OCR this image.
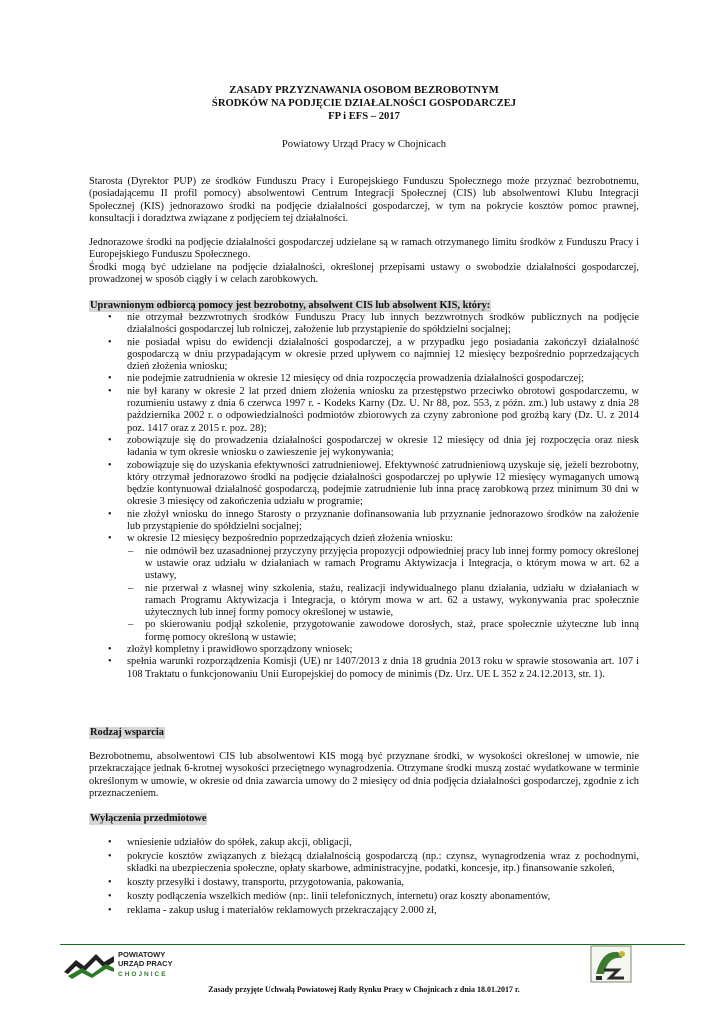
ZASADY PRZYZNAWANIA OSOBOM BEZROBOTNYM
ŚRODKÓW NA PODJĘCIE DZIAŁALNOŚCI GOSPODARCZEJ
FP i EFS – 2017
Powiatowy Urząd Pracy w Chojnicach
Starosta (Dyrektor PUP) ze środków Funduszu Pracy i Europejskiego Funduszu Społecznego może przyznać bezrobotnemu, (posiadającemu II profil pomocy) absolwentowi Centrum Integracji Społecznej (CIS) lub absolwentowi Klubu Integracji Społecznej (KIS) jednorazowo środki na podjęcie działalności gospodarczej, w tym na pokrycie kosztów pomoc prawnej, konsultacji i doradztwa związane z podjęciem tej działalności.
Jednorazowe środki na podjęcie działalności gospodarczej udzielane są w ramach otrzymanego limitu środków z Funduszu Pracy i Europejskiego Funduszu Społecznego.
Środki mogą być udzielane na podjęcie działalności, określonej przepisami ustawy o swobodzie działalności gospodarczej, prowadzonej w sposób ciągły i w celach zarobkowych.
Uprawnionym odbiorcą pomocy jest bezrobotny, absolwent CIS lub absolwent KIS, który:
• nie otrzymał bezzwrotnych środków Funduszu Pracy lub innych bezzwrotnych środków publicznych na podjęcie działalności gospodarczej lub rolniczej, założenie lub przystąpienie do spółdzielni socjalnej;
• nie posiadał wpisu do ewidencji działalności gospodarczej, a w przypadku jego posiadania zakończył działalność gospodarczą w dniu przypadającym w okresie przed upływem co najmniej 12 miesięcy bezpośrednio poprzedzających dzień złożenia wniosku;
• nie podejmie zatrudnienia w okresie 12 miesięcy od dnia rozpoczęcia prowadzenia działalności gospodarczej;
• nie był karany w okresie 2 lat przed dniem złożenia wniosku za przestępstwo przeciwko obrotowi gospodarczemu, w rozumieniu ustawy z dnia 6 czerwca 1997 r. - Kodeks Karny (Dz. U. Nr 88, poz. 553, z późn. zm.) lub ustawy z dnia 28 października 2002 r. o odpowiedzialności podmiotów zbiorowych za czyny zabronione pod groźbą kary (Dz. U. z 2014 poz. 1417 oraz z 2015 r. poz. 28);
• zobowiązuje się do prowadzenia działalności gospodarczej w okresie 12 miesięcy od dnia jej rozpoczęcia oraz niesk ładania w tym okresie wniosku o zawieszenie jej wykonywania;
• zobowiązuje się do uzyskania efektywności zatrudnieniowej. Efektywność zatrudnieniową uzyskuje się, jeżeli bezrobotny, który otrzymał jednorazowo środki na podjęcie działalności gospodarczej po upływie 12 miesięcy wymaganych umową będzie kontynuował działalność gospodarczą, podejmie zatrudnienie lub inna pracę zarobkową przez minimum 30 dni w okresie 3 miesięcy od zakończenia udziału w programie;
• nie złożył wniosku do innego Starosty o przyznanie dofinansowania lub przyznanie jednorazowo środków na założenie lub przystąpienie do spółdzielni socjalnej;
• w okresie 12 miesięcy bezpośrednio poprzedzających dzień złożenia wniosku:
– nie odmówił bez uzasadnionej przyczyny przyjęcia propozycji odpowiedniej pracy lub innej formy pomocy określonej w ustawie oraz udziału w działaniach w ramach Programu Aktywizacja i Integracja, o którym mowa w art. 62 a ustawy,
– nie przerwał z własnej winy szkolenia, stażu, realizacji indywidualnego planu działania, udziału w działaniach w ramach Programu Aktywizacja i Integracja, o którym mowa w art. 62 a ustawy, wykonywania prac społecznie użytecznych lub innej formy pomocy określonej w ustawie,
– po skierowaniu podjął szkolenie, przygotowanie zawodowe dorosłych, staż, prace społecznie użyteczne lub inną formę pomocy określoną w ustawie;
• złożył kompletny i prawidłowo sporządzony wniosek;
• spełnia warunki rozporządzenia Komisji (UE) nr 1407/2013 z dnia 18 grudnia 2013 roku w sprawie stosowania art. 107 i 108 Traktatu o funkcjonowaniu Unii Europejskiej do pomocy de minimis (Dz. Urz. UE L 352 z 24.12.2013, str. 1).
Rodzaj wsparcia
Bezrobotnemu, absolwentowi CIS lub absolwentowi KIS mogą być przyznane środki, w wysokości określonej w umowie, nie przekraczające jednak 6-krotnej wysokości przeciętnego wynagrodzenia. Otrzymane środki muszą zostać wydatkowane w terminie określonym w umowie, w okresie od dnia zawarcia umowy do 2 miesięcy od dnia podjęcia działalności gospodarczej, zgodnie z ich przeznaczeniem.
Wyłączenia przedmiotowe
• wniesienie udziałów do spółek, zakup akcji, obligacji,
• pokrycie kosztów związanych z bieżącą działalnością gospodarczą (np.: czynsz, wynagrodzenia wraz z pochodnymi, składki na ubezpieczenia społeczne, opłaty skarbowe, administracyjne, podatki, koncesje, itp.) finansowanie szkoleń,
• koszty przesyłki i dostawy, transportu, przygotowania, pakowania,
• koszty podłączenia wszelkich mediów (np:. linii telefonicznych, internetu) oraz koszty abonamentów,
• reklama - zakup usług i materiałów reklamowych przekraczający 2.000 zł,
POWIATOWY
URZĄD PRACY
CHOJNICE
Zasady przyjęte Uchwałą Powiatowej Rady Rynku Pracy w Chojnicach z dnia 18.01.2017 r.
